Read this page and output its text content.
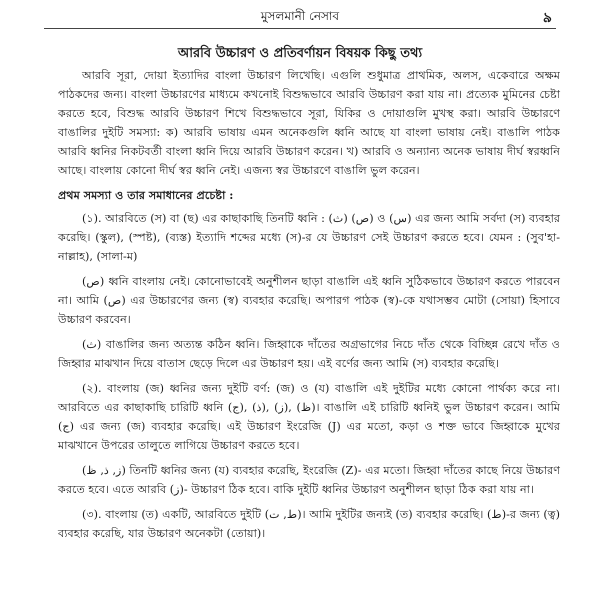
মুসলমানী নেসাব	৯
আরবি উচ্চারণ ও প্রতিবর্ণায়ন বিষয়ক কিছু তথ্য

আরবি সূরা, দোয়া ইত্যাদির বাংলা উচ্চারণ লিখেছি। এগুলি শুধুমাত্র প্রাথমিক, অলস, একেবারে অক্ষম পাঠকদের জন্য। বাংলা উচ্চারণের মাধ্যমে কখনোই বিশুদ্ধভাবে আরবি উচ্চারণ করা যায় না। প্রত্যেক মুমিনের চেষ্টা করতে হবে, বিশুদ্ধ আরবি উচ্চারণ শিখে বিশুদ্ধভাবে সূরা, যিকির ও দোয়াগুলি মুখস্থ করা। আরবি উচ্চারণে বাঙালির দুইটি সমস্যা: ক) আরবি ভাষায় এমন অনেকগুলি ধ্বনি আছে যা বাংলা ভাষায় নেই। বাঙালি পাঠক আরবি ধ্বনির নিকটবর্তী বাংলা ধ্বনি দিয়ে আরবি উচ্চারণ করেন। খ) আরবি ও অন্যান্য অনেক ভাষায় দীর্ঘ স্বরধ্বনি আছে। বাংলায় কোনো দীর্ঘ স্বর ধ্বনি নেই। এজন্য স্বর উচ্চারণে বাঙালি ভুল করেন।

প্রথম সমস্যা ও তার সমাধানের প্রচেষ্টা :

(১). আরবিতে (স) বা (ছ) এর কাছাকাছি তিনটি ধ্বনি : (ث) (ص) ও (س) এর জন্য আমি সর্বদা (স) ব্যবহার করেছি। (স্কুল), (স্পষ্ট), (ব্যস্ত) ইত্যাদি শব্দের মধ্যে (স)-র যে উচ্চারণ সেই উচ্চারণ করতে হবে। যেমন : (সুব'হা-নাল্লাহ), (সালা-ম)

(ص) ধ্বনি বাংলায় নেই। কোনোভাবেই অনুশীলন ছাড়া বাঙালি এই ধ্বনি সুঠিকভাবে উচ্চারণ করতে পারবেন না। আমি (ص) এর উচ্চারণের জন্য (স্ব) ব্যবহার করেছি। অপারগ পাঠক (স্ব)-কে যথাসম্ভব মোটা (সোয়া) হিসাবে উচ্চারণ করবেন।

(ث) বাঙালির জন্য অত্যন্ত কঠিন ধ্বনি। জিহ্বাকে দাঁতের অগ্রভাগের নিচে দাঁত থেকে বিচ্ছিন্ন রেখে দাঁত ও জিহ্বার মাঝখান দিয়ে বাতাস ছেড়ে দিলে এর উচ্চারণ হয়। এই বর্ণের জন্য আমি (স) ব্যবহার করেছি।

(২). বাংলায় (জ) ধ্বনির জন্য দুইটি বর্ণ: (জ) ও (য) বাঙালি এই দুইটির মধ্যে কোনো পার্থক্য করে না। আরবিতে এর কাছাকাছি চারিটি ধ্বনি (ج), (ذ), (ز), (ظ)। বাঙালি এই চারিটি ধ্বনিই ভুল উচ্চারণ করেন। আমি (ج) এর জন্য (জ) ব্যবহার করেছি। এই উচ্চারণ ইংরেজি (J) এর মতো, কড়া ও শক্ত ভাবে জিহ্বাকে মুখের মাঝখানে উপরের তালুতে লাগিয়ে উচ্চারণ করতে হবে।

(ز, ذ, ظ) তিনটি ধ্বনির জন্য (য) ব্যবহার করেছি, ইংরেজি (Z)- এর মতো। জিহ্বা দাঁতের কাছে নিয়ে উচ্চারণ করতে হবে। এতে আরবি (ز)- উচ্চারণ ঠিক হবে। বাকি দুইটি ধ্বনির উচ্চারণ অনুশীলন ছাড়া ঠিক করা যায় না।

(৩). বাংলায় (ত) একটি, আরবিতে দুইটি (ط, ت)। আমি দুইটির জন্যই (ত) ব্যবহার করেছি। (ط)-র জন্য (ত্ব) ব্যবহার করেছি, যার উচ্চারণ অনেকটা (তোয়া)।
